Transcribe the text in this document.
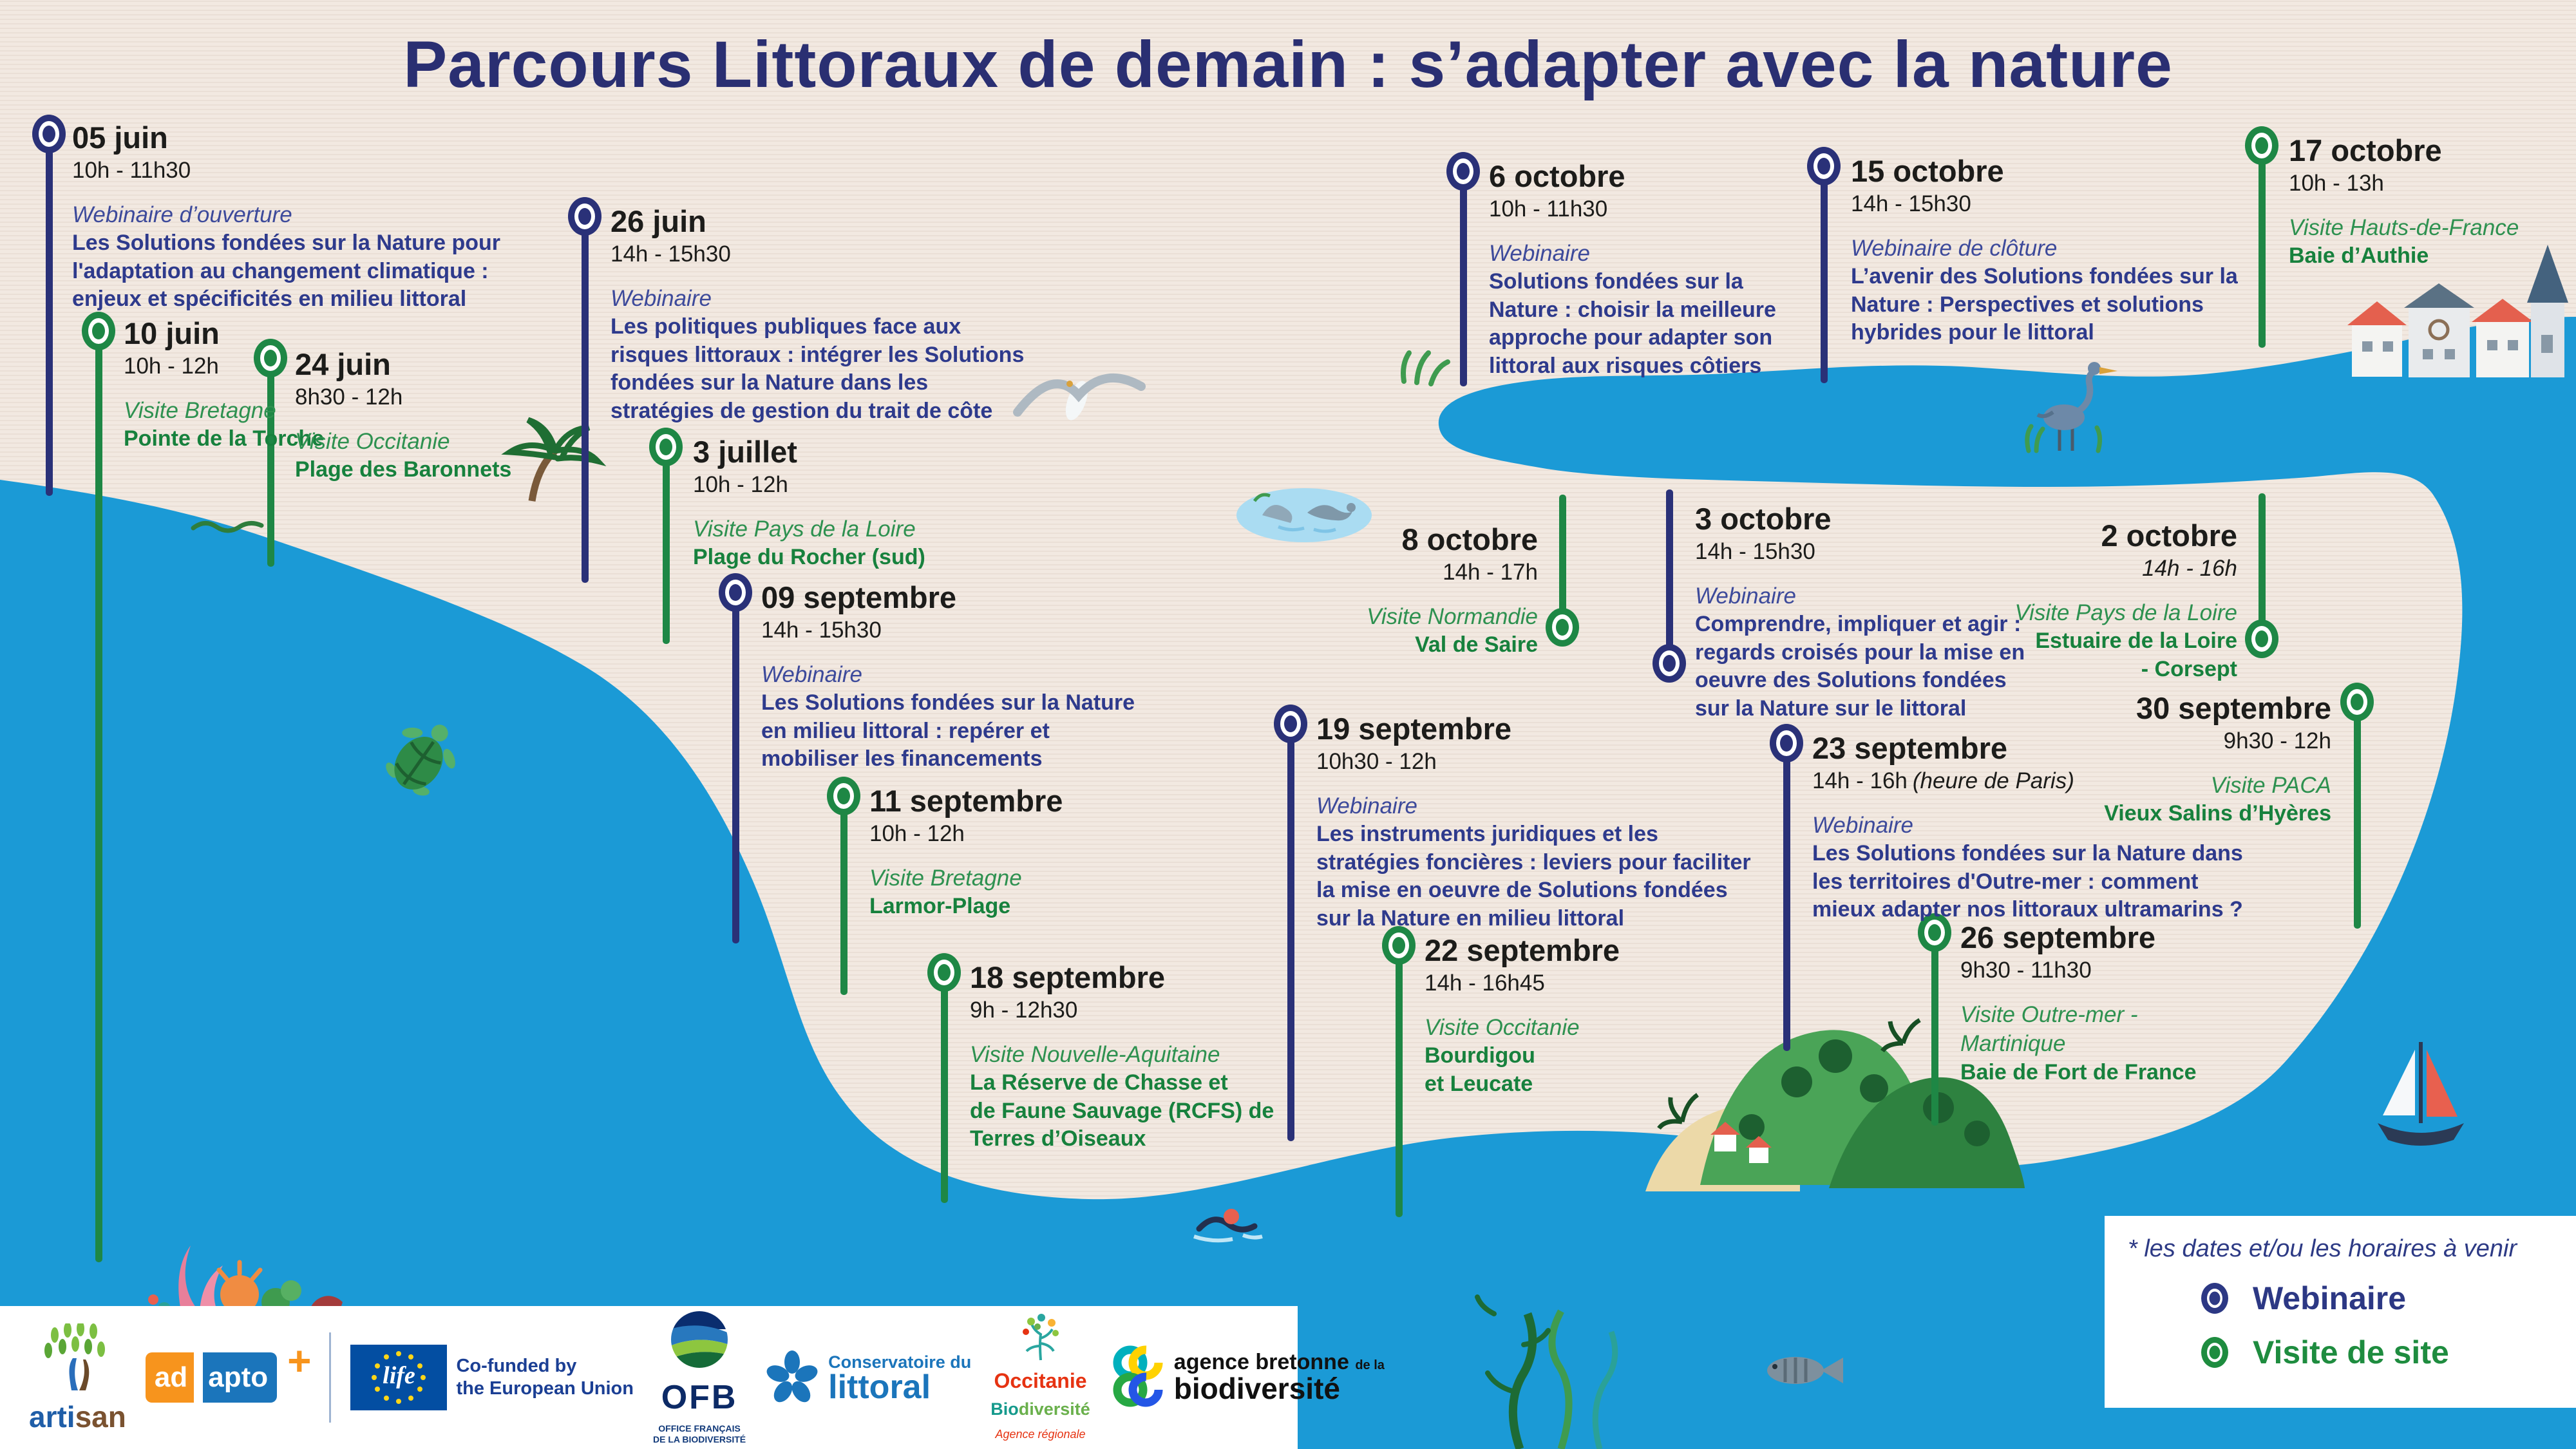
Parcours Littoraux de demain : s’adapter avec la nature
* les dates et/ou les horaires à venir
Webinaire
Visite de site
artisan
ad apto +	life	Co-funded by
the European Union OFB
OFFICE FRANÇAIS
DE LA BIODIVERSITÉ
Conservatoire du
littoral	Occitanie
Biodiversité
Agence régionale
agence bretonne de la
biodiversité
05 juin
10h - 11h30
Webinaire d’ouverture
Les Solutions fondées sur la Nature pour
l'adaptation au changement climatique :
enjeux et spécificités en milieu littoral
10 juin
10h - 12h
Visite Bretagne
Pointe de la Torche
24 juin
8h30 - 12h
Visite Occitanie
Plage des Baronnets
26 juin
14h - 15h30
Webinaire
Les politiques publiques face aux
risques littoraux : intégrer les Solutions
fondées sur la Nature dans les
stratégies de gestion du trait de côte
3 juillet
10h - 12h
Visite Pays de la Loire
Plage du Rocher (sud)
09 septembre
14h - 15h30
Webinaire
Les Solutions fondées sur la Nature
en milieu littoral : repérer et
mobiliser les financements
11 septembre
10h - 12h
Visite Bretagne
Larmor-Plage
18 septembre
9h - 12h30
Visite Nouvelle-Aquitaine
La Réserve de Chasse et
de Faune Sauvage (RCFS) de
Terres d’Oiseaux
19 septembre
10h30 - 12h
Webinaire
Les instruments juridiques et les
stratégies foncières : leviers pour faciliter
la mise en oeuvre de Solutions fondées
sur la Nature en milieu littoral
22 septembre
14h - 16h45
Visite Occitanie
Bourdigou
et Leucate
6 octobre
10h - 11h30
Webinaire
Solutions fondées sur la
Nature : choisir la meilleure
approche pour adapter son
littoral aux risques côtiers
15 octobre
14h - 15h30
Webinaire de clôture
L’avenir des Solutions fondées sur la
Nature : Perspectives et solutions
hybrides pour le littoral
17 octobre
10h - 13h
Visite Hauts-de-France
Baie d’Authie
8 octobre
14h - 17h
Visite Normandie
Val de Saire
3 octobre
14h - 15h30
Webinaire
Comprendre, impliquer et agir :
regards croisés pour la mise en
oeuvre des Solutions fondées
sur la Nature sur le littoral
2 octobre
14h - 16h
Visite Pays de la Loire
Estuaire de la Loire
- Corsept
30 septembre
9h30 - 12h
Visite PACA
Vieux Salins d’Hyères
23 septembre
14h - 16h (heure de Paris)
Webinaire
Les Solutions fondées sur la Nature dans
les territoires d'Outre-mer : comment
mieux adapter nos littoraux ultramarins ?
26 septembre
9h30 - 11h30
Visite Outre-mer -
Martinique
Baie de Fort de France
